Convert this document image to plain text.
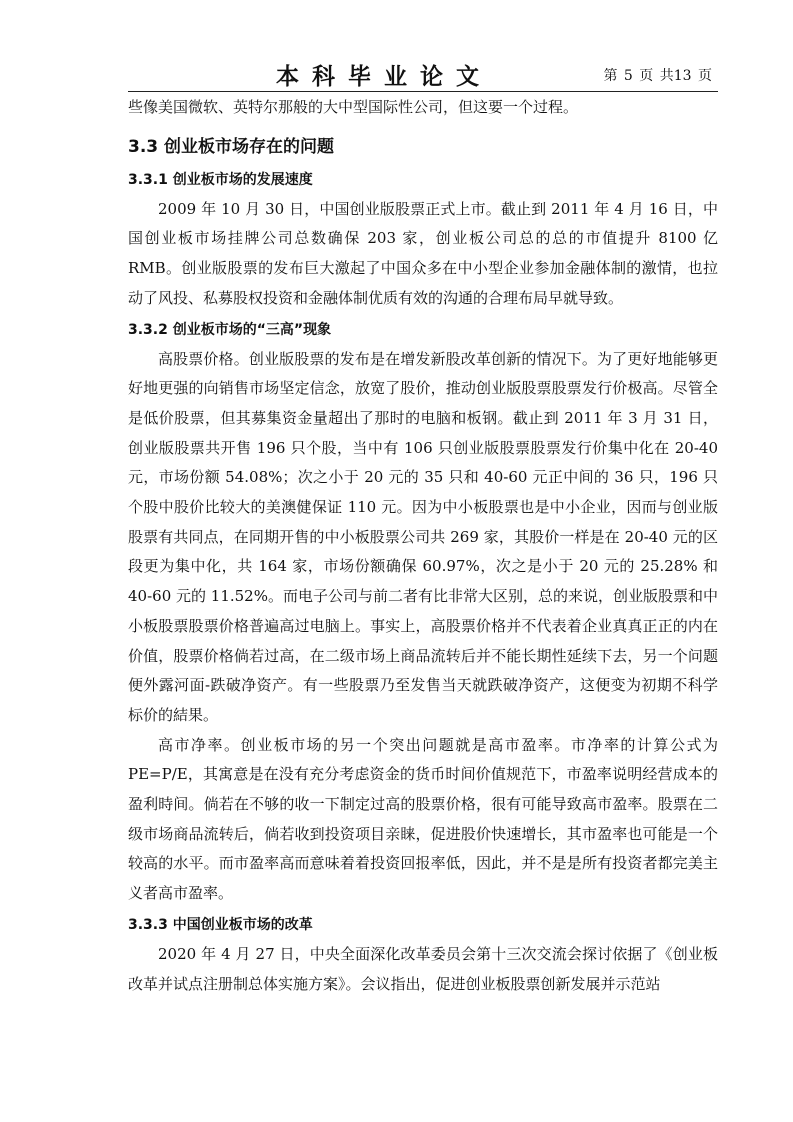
本科毕业论文	第 5 页 共13 页

些像美国微软、英特尔那般的大中型国际性公司，但这要一个过程。

3.3 创业板市场存在的问题
3.3.1 创业板市场的发展速度

2009 年 10 月 30 日，中国创业版股票正式上市。截止到 2011 年 4 月 16 日，中国创业板市场挂牌公司总数确保 203 家，创业板公司总的总的市值提升 8100 亿 RMB。创业版股票的发布巨大激起了中国众多在中小型企业参加金融体制的激情，也拉动了风投、私募股权投资和金融体制优质有效的沟通的合理布局早就导致。

3.3.2 创业板市场的“三高”现象

高股票价格。创业版股票的发布是在增发新股改革创新的情况下。为了更好地能够更好地更强的向销售市场坚定信念，放宽了股价，推动创业版股票股票发行价极高。尽管全是低价股票，但其募集资金量超出了那时的电脑和板钢。截止到 2011 年 3 月 31 日，创业版股票共开售 196 只个股，当中有 106 只创业版股票股票发行价集中化在 20-40 元，市场份额 54.08%；次之小于 20 元的 35 只和 40-60 元正中间的 36 只，196 只个股中股价比较大的美澳健保证 110 元。因为中小板股票也是中小企业，因而与创业版股票有共同点，在同期开售的中小板股票公司共 269 家，其股价一样是在 20-40 元的区段更为集中化，共 164 家，市场份额确保 60.97%，次之是小于 20 元的 25.28% 和 40-60 元的 11.52%。而电子公司与前二者有比非常大区别，总的来说，创业版股票和中小板股票股票价格普遍高过电脑上。事实上，高股票价格并不代表着企业真真正正的内在价值，股票价格倘若过高，在二级市场上商品流转后并不能长期性延续下去，另一个问题便外露河面-跌破净资产。有一些股票乃至发售当天就跌破净资产，这便变为初期不科学标价的結果。

高市净率。创业板市场的另一个突出问题就是高市盈率。市净率的计算公式为 PE=P/E，其寓意是在没有充分考虑资金的货币时间价值规范下，市盈率说明经营成本的盈利時间。倘若在不够的收一下制定过高的股票价格，很有可能导致高市盈率。股票在二级市场商品流转后，倘若收到投资项目亲睐，促进股价快速增长，其市盈率也可能是一个较高的水平。而市盈率高而意味着着投资回报率低，因此，并不是是所有投资者都完美主义者高市盈率。

3.3.3 中国创业板市场的改革

2020 年 4 月 27 日，中央全面深化改革委员会第十三次交流会探讨依据了《创业板改革并试点注册制总体实施方案》。会议指出，促进创业板股票创新发展并示范站
